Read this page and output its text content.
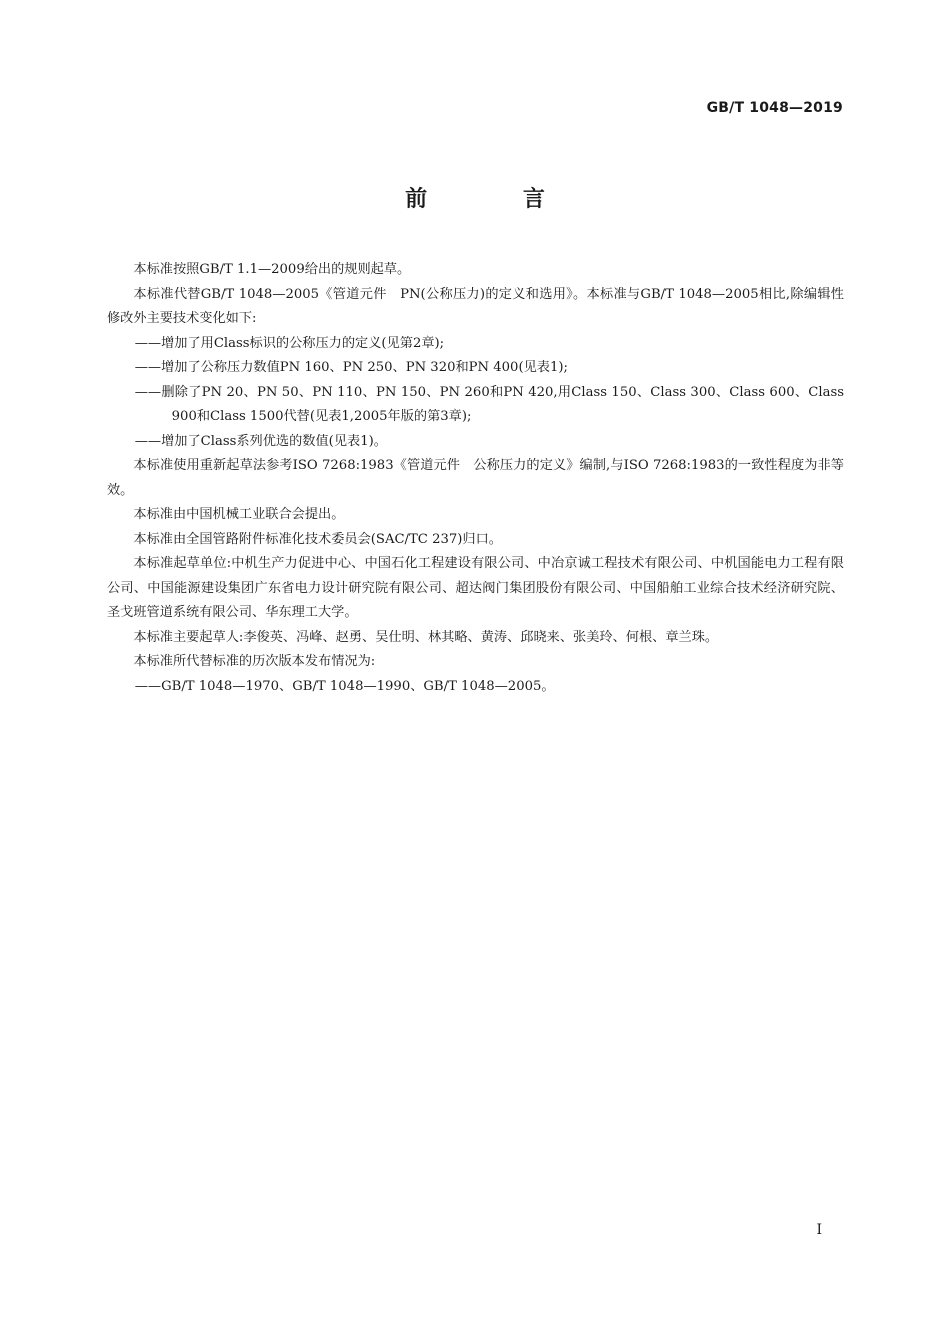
GB/T 1048—2019
前 言

本标准按照GB/T 1.1—2009给出的规则起草。

本标准代替GB/T 1048—2005《管道元件　PN(公称压力)的定义和选用》。本标准与GB/T 1048—2005相比,除编辑性修改外主要技术变化如下:

——增加了用Class标识的公称压力的定义(见第2章);

——增加了公称压力数值PN 160、PN 250、PN 320和PN 400(见表1);

——删除了PN 20、PN 50、PN 110、PN 150、PN 260和PN 420,用Class 150、Class 300、Class 600、Class 900和Class 1500代替(见表1,2005年版的第3章);

——增加了Class系列优选的数值(见表1)。

本标准使用重新起草法参考ISO 7268:1983《管道元件　公称压力的定义》编制,与ISO 7268:1983的一致性程度为非等效。

本标准由中国机械工业联合会提出。

本标准由全国管路附件标准化技术委员会(SAC/TC 237)归口。

本标准起草单位:中机生产力促进中心、中国石化工程建设有限公司、中冶京诚工程技术有限公司、中机国能电力工程有限公司、中国能源建设集团广东省电力设计研究院有限公司、超达阀门集团股份有限公司、中国船舶工业综合技术经济研究院、圣戈班管道系统有限公司、华东理工大学。

本标准主要起草人:李俊英、冯峰、赵勇、吴仕明、林其略、黄涛、邱晓来、张美玲、何根、章兰珠。

本标准所代替标准的历次版本发布情况为:

——GB/T 1048—1970、GB/T 1048—1990、GB/T 1048—2005。

I
